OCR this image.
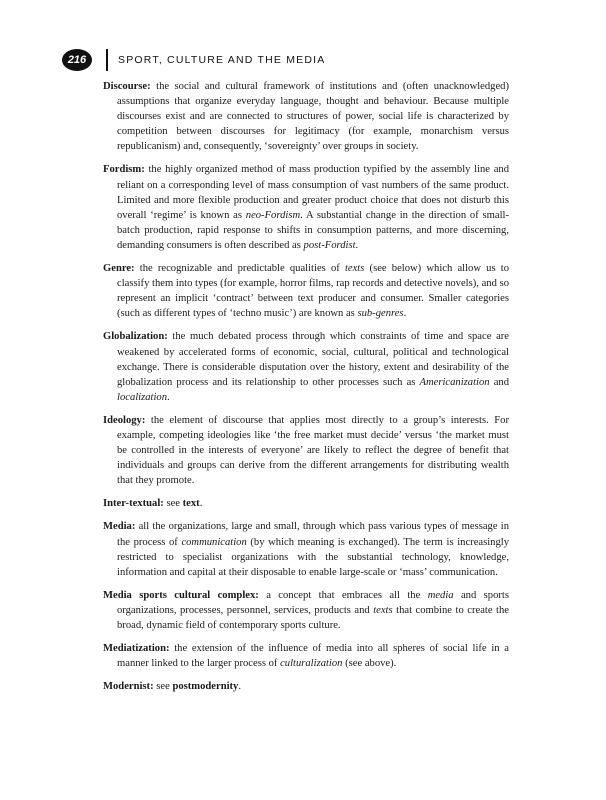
216	SPORT, CULTURE AND THE MEDIA

Discourse: the social and cultural framework of institutions and (often unacknowledged) assumptions that organize everyday language, thought and behaviour. Because multiple discourses exist and are connected to structures of power, social life is characterized by competition between discourses for legitimacy (for example, monarchism versus republicanism) and, consequently, ‘sovereignty’ over groups in society.

Fordism: the highly organized method of mass production typified by the assembly line and reliant on a corresponding level of mass consumption of vast numbers of the same product. Limited and more flexible production and greater product choice that does not disturb this overall ‘regime’ is known as neo-Fordism. A substantial change in the direction of small-batch production, rapid response to shifts in consumption patterns, and more discerning, demanding consumers is often described as post-Fordist.

Genre: the recognizable and predictable qualities of texts (see below) which allow us to classify them into types (for example, horror films, rap records and detective novels), and so represent an implicit ‘contract’ between text producer and consumer. Smaller categories (such as different types of ‘techno music’) are known as sub-genres.

Globalization: the much debated process through which constraints of time and space are weakened by accelerated forms of economic, social, cultural, political and technological exchange. There is considerable disputation over the history, extent and desirability of the globalization process and its relationship to other processes such as Americanization and localization.

Ideology: the element of discourse that applies most directly to a group’s interests. For example, competing ideologies like ‘the free market must decide’ versus ‘the market must be controlled in the interests of everyone’ are likely to reflect the degree of benefit that individuals and groups can derive from the different arrangements for distributing wealth that they promote.

Inter-textual: see text.

Media: all the organizations, large and small, through which pass various types of message in the process of communication (by which meaning is exchanged). The term is increasingly restricted to specialist organizations with the substantial technology, knowledge, information and capital at their disposable to enable large-scale or ‘mass’ communication.

Media sports cultural complex: a concept that embraces all the media and sports organizations, processes, personnel, services, products and texts that combine to create the broad, dynamic field of contemporary sports culture.

Mediatization: the extension of the influence of media into all spheres of social life in a manner linked to the larger process of culturalization (see above).

Modernist: see postmodernity.
